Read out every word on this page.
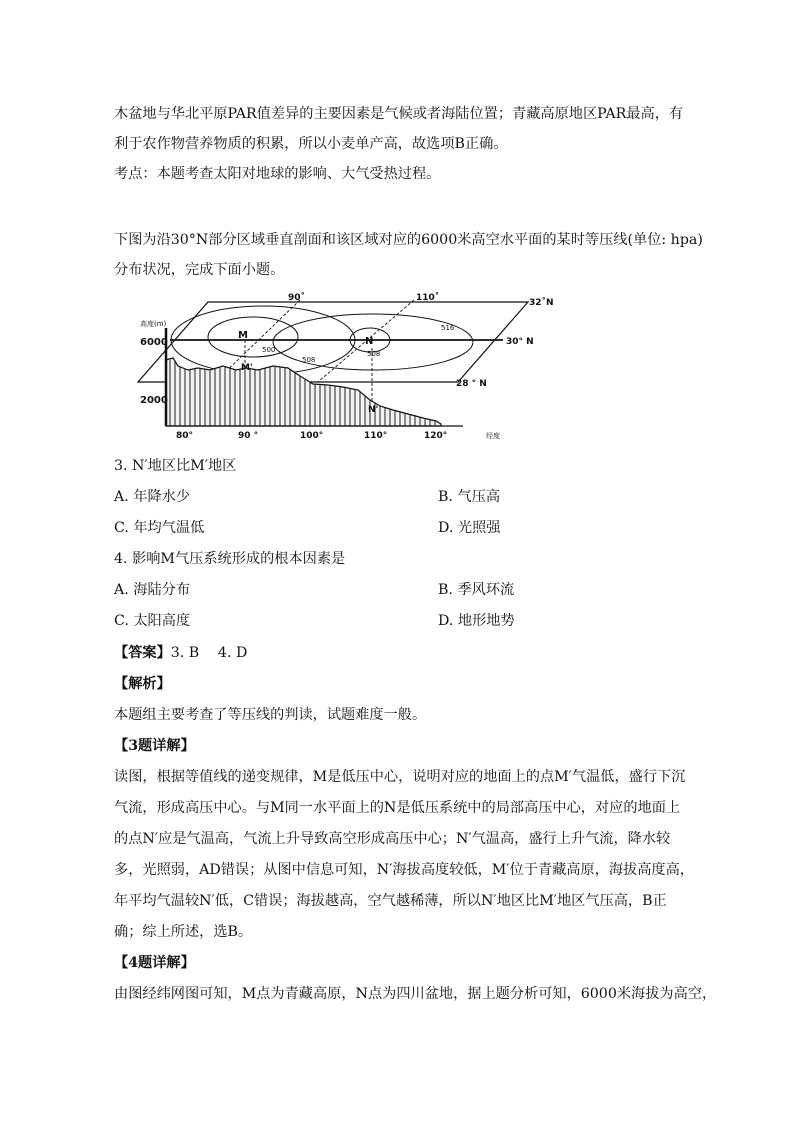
木盆地与华北平原PAR值差异的主要因素是气候或者海陆位置；青藏高原地区PAR最高，有
利于农作物营养物质的积累，所以小麦单产高，故选项B正确。
考点：本题考查太阳对地球的影响、大气受热过程。
下图为沿30°N部分区域垂直剖面和该区域对应的6000米高空水平面的某时等压线(单位: hpa)
分布状况，完成下面小题。
90˚	110˚	32˚N
30° N
28 ° N
高度(m)
6000
2000
80°	90 °	100°	110°	120°	经度
500
508
516
508
M
N
M'
N'
3. N′地区比M′地区
A. 年降水少	B. 气压高
C. 年均气温低	D. 光照强
4. 影响M气压系统形成的根本因素是
A. 海陆分布	B. 季风环流
C. 太阳高度	D. 地形地势
【答案】3. B　 4. D
【解析】
本题组主要考查了等压线的判读，试题难度一般。
【3题详解】
读图，根据等值线的递变规律，M是低压中心，说明对应的地面上的点M′气温低，盛行下沉
气流，形成高压中心。与M同一水平面上的N是低压系统中的局部高压中心，对应的地面上
的点N′应是气温高，气流上升导致高空形成高压中心；N′气温高，盛行上升气流，降水较
多，光照弱，AD错误；从图中信息可知，N′海拔高度较低，M′位于青藏高原，海拔高度高，
年平均气温较N′低，C错误；海拔越高，空气越稀薄，所以N′地区比M′地区气压高，B正
确；综上所述，选B。
【4题详解】
由图经纬网图可知，M点为青藏高原，N点为四川盆地，据上题分析可知，6000米海拔为高空，
